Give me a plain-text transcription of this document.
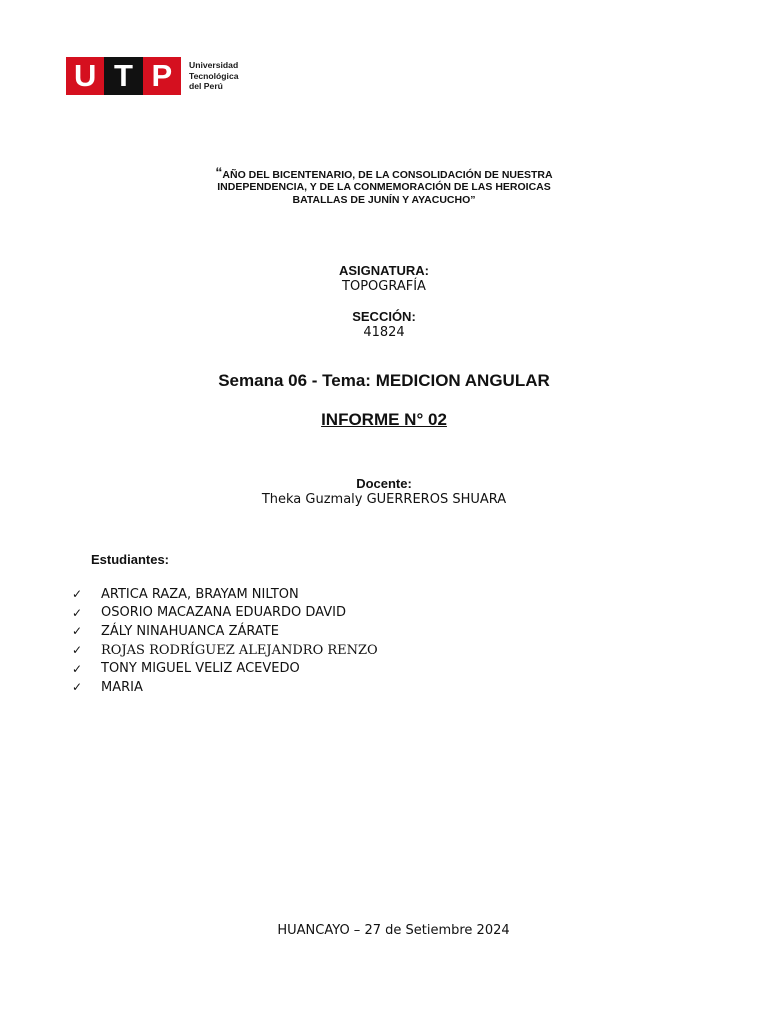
U T P	Universidad
Tecnológica
del Perú
“AÑO DEL BICENTENARIO, DE LA CONSOLIDACIÓN DE NUESTRA
INDEPENDENCIA, Y DE LA CONMEMORACIÓN DE LAS HEROICAS
BATALLAS DE JUNÍN Y AYACUCHO”
ASIGNATURA:
TOPOGRAFÍA
SECCIÓN:
41824
Semana 06 - Tema: MEDICION ANGULAR
INFORME N° 02
Docente:
Theka Guzmaly GUERREROS SHUARA
Estudiantes:
✓	ARTICA RAZA, BRAYAM NILTON
✓	OSORIO MACAZANA EDUARDO DAVID
✓	ZÁLY NINAHUANCA ZÁRATE
✓	ROJAS RODRÍGUEZ ALEJANDRO RENZO
✓	TONY MIGUEL VELIZ ACEVEDO
✓	MARIA
HUANCAYO – 27 de Setiembre 2024
